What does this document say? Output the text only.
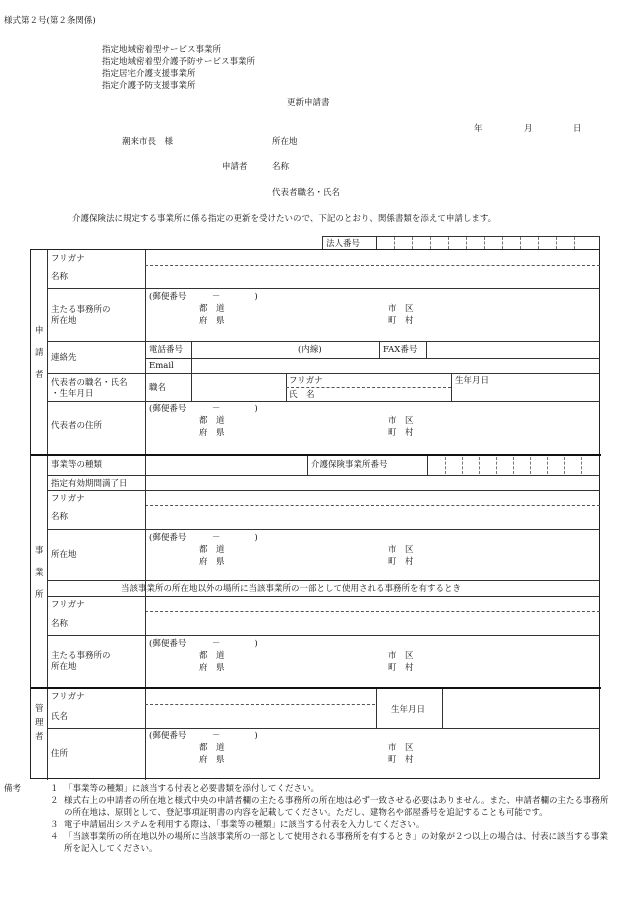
様式第２号(第２条関係)
指定地域密着型サービス事業所
指定地域密着型介護予防サービス事業所
指定居宅介護支援事業所
指定介護予防支援事業所
更新申請書
年	月	日
潮来市長　様	所在地
申請者	名称
代表者職名・氏名
介護保険法に規定する事業所に係る指定の更新を受けたいので、下記のとおり、関係書類を添えて申請します。
法人番号
申
請
者
フリガナ
名称
主たる事務所の
所在地
(郵便番号　　　－　　　　)
都　道
府　県
市　区
町　村
連絡先
電話番号	(内線)	FAX番号
Email
代表者の職名・氏名
・生年月日
職名
フリガナ
氏　名
生年月日
代表者の住所
(郵便番号　　　－　　　　)
都　道
府　県
市　区
町　村
事
業
所
事業等の種類	介護保険事業所番号
指定有効期間満了日
フリガナ
名称
所在地
(郵便番号　　　－　　　　)
都　道
府　県
市　区
町　村
当該事業所の所在地以外の場所に当該事業所の一部として使用される事務所を有するとき
フリガナ
名称
主たる事務所の
所在地
(郵便番号　　　－　　　　)
都　道
府　県
市　区
町　村
管
理
者
フリガナ
氏名
生年月日
住所
(郵便番号　　　－　　　　)
都　道
府　県
市　区
町　村
備考	１ 「事業等の種類」に該当する付表と必要書類を添付してください。
２ 様式右上の申請者の所在地と様式中央の申請者欄の主たる事務所の所在地は必ず一致させる必要はありません。また、申請者欄の主たる事務所の所在地は、原則として、登記事項証明書の内容を記載してください。ただし、建物名や部屋番号を追記することも可能です。
３ 電子申請届出システムを利用する際は、「事業等の種類」に該当する付表を入力してください。
４ 「当該事業所の所在地以外の場所に当該事業所の一部として使用される事務所を有するとき」の対象が２つ以上の場合は、付表に該当する事業所を記入してください。
